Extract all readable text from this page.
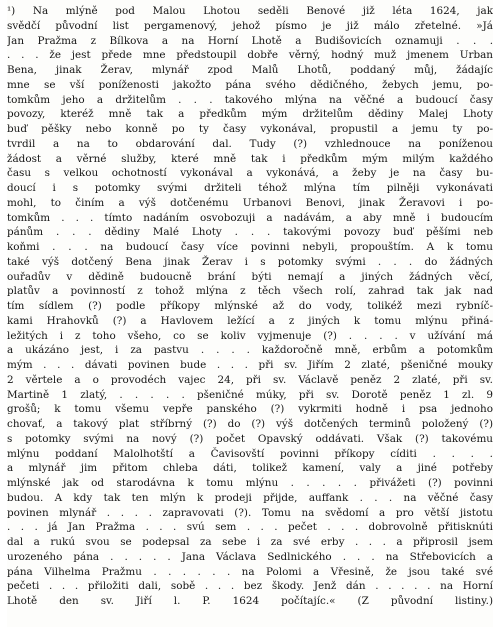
¹) Na mlýně pod Malou Lhotou seděli Benové již léta 1624, jak
svědčí původní list pergamenový, jehož písmo je již málo zřetelné. »Já
Jan Pražma z Bílkova a na Horní Lhotě a Budišovicích oznamuji . . .
. . . že jest přede mne předstoupil dobře věrný, hodný muž jmenem Urban
Bena, jinak Žerav, mlynář zpod Malů Lhotů, poddaný můj, žádajíc
mne se vší poníženosti jakožto pána svého dědičného, žebych jemu, po-
tomkům jeho a držitelům . . . takového mlýna na věčné a budoucí časy
povozy, kteréž mně tak a předkům mým držitelům dědiny Malej Lhoty
buď pěšky nebo konně po ty časy vykonával, propustil a jemu ty po-
tvrdil a na to obdarování dal. Tudy (?) vzhlednouce na poníženou
žádost a věrné služby, které mně tak i předkům mým milým každého
času s velkou ochotností vykonával a vykonává, a žeby je na časy bu-
doucí i s potomky svými držiteli téhož mlýna tím pilněji vykonávati
mohl, to činím a výš dotčenému Urbanovi Benovi, jinak Žeravovi i po-
tomkům . . . tímto nadáním osvobozuji a nadávám, a aby mně i budoucím
pánům . . . dědiny Malé Lhoty . . . takovými povozy buď pěšími neb
koňmi . . . na budoucí časy více povinni nebyli, propouštím. A k tomu
také výš dotčený Bena jinak Žerav i s potomky svými . . . do žádných
ouřadův v dědině budoucně brání býti nemají a jiných žádných věcí,
platův a povinností z tohož mlýna z těch všech rolí, zahrad tak jak nad
tím sídlem (?) podle příkopy mlýnské až do vody, tolikéž mezi rybníč-
kami Hrahovků (?) a Havlovem ležící a z jiných k tomu mlýnu přiná-
ležitých i z toho všeho, co se koliv vyjmenuje (?) . . . . v užívání má
a ukázáno jest, i za pastvu . . . . každoročně mně, erbům a potomkům
mým . . . dávati povinen bude . . . při sv. Jiřím 2 zlaté, pšeničné mouky
2 věrtele a o provodéch vajec 24, při sv. Václavě peněz 2 zlaté, při sv.
Martině 1 zlatý, . . . . . pšeničné múky, při sv. Dorotě peněz 1 zl. 9
grošů; k tomu všemu vepře panského (?) vykrmiti hodně i psa jednoho
chovať, a takový plat stříbrný (?) do (?) výš dotčených terminů položený (?)
s potomky svými na nový (?) počet Opavský oddávati. Však (?) takovému
mlýnu poddaní Malolhotští a Čavisovští povinni příkopy cíditi . . . .
a mlynář jim přitom chleba dáti, tolikež kamení, valy a jiné potřeby
mlýnské jak od starodávna k tomu mlýnu . . . . . přivážeti (?) povinni
budou. A kdy tak ten mlýn k prodeji přijde, auffank . . . na věčné časy
povinen mlynář . . . . zapravovati (?). Tomu na svědomí a pro větší jistotu
. . . já Jan Pražma . . . svú sem . . . pečet . . . dobrovolně přitisknúti
dal a rukú svou se podepsal za sebe i za své erby . . . a připrosil jsem
urozeného pána . . . . . Jana Václava Sedlnického . . . na Střebovicích a
pána Vilhelma Pražmu . . . . . . na Polomi a Vřesině, že jsou také své
pečeti . . . přiložiti dali, sobě . . . bez škody. Jenž dán . . . . . na Horní
Lhotě den sv. Jiří l. P. 1624 počítajíc.« (Z původní listiny.)
